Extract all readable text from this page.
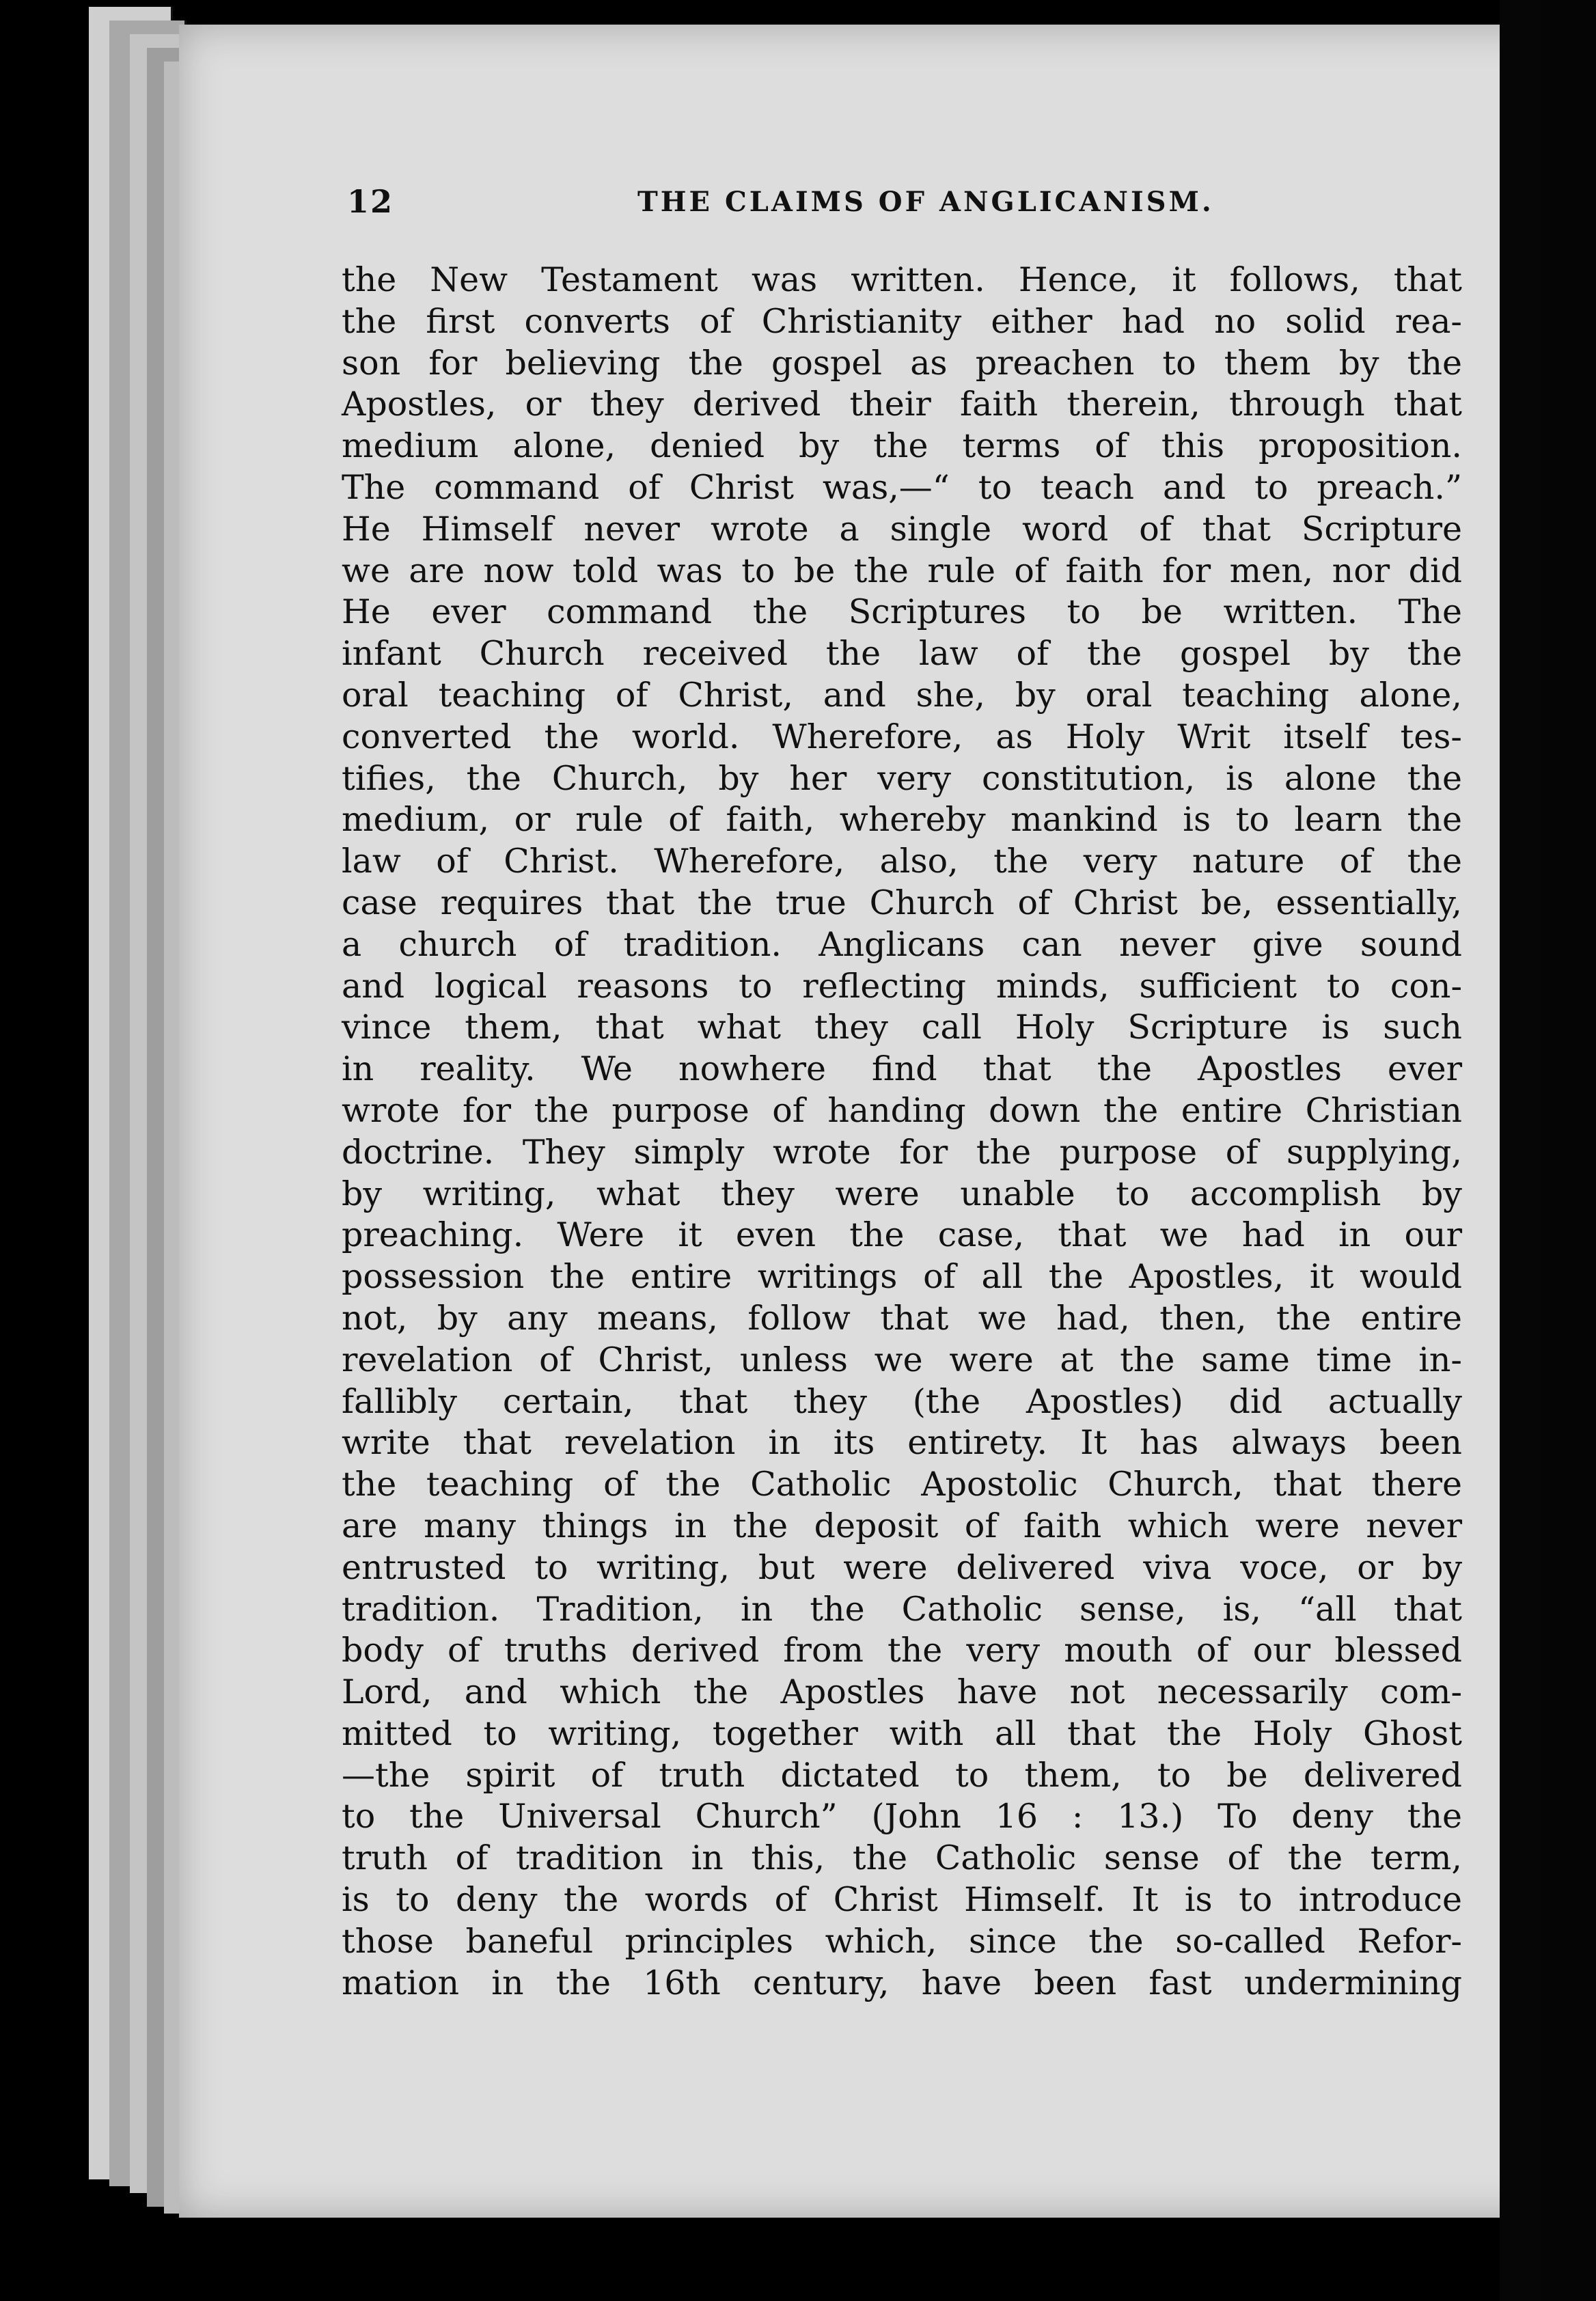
12	THE CLAIMS OF ANGLICANISM.
the New Testament was written. Hence, it follows, that
the first converts of Christianity either had no solid rea-
son for believing the gospel as preachen to them by the
Apostles, or they derived their faith therein, through that
medium alone, denied by the terms of this proposition.
The command of Christ was,—“ to teach and to preach.”
He Himself never wrote a single word of that Scripture
we are now told was to be the rule of faith for men, nor did
He ever command the Scriptures to be written. The
infant Church received the law of the gospel by the
oral teaching of Christ, and she, by oral teaching alone,
converted the world. Wherefore, as Holy Writ itself tes-
tifies, the Church, by her very constitution, is alone the
medium, or rule of faith, whereby mankind is to learn the
law of Christ. Wherefore, also, the very nature of the
case requires that the true Church of Christ be, essentially,
a church of tradition. Anglicans can never give sound
and logical reasons to reflecting minds, sufficient to con-
vince them, that what they call Holy Scripture is such
in reality. We nowhere find that the Apostles ever
wrote for the purpose of handing down the entire Christian
doctrine. They simply wrote for the purpose of supplying,
by writing, what they were unable to accomplish by
preaching. Were it even the case, that we had in our
possession the entire writings of all the Apostles, it would
not, by any means, follow that we had, then, the entire
revelation of Christ, unless we were at the same time in-
fallibly certain, that they (the Apostles) did actually
write that revelation in its entirety. It has always been
the teaching of the Catholic Apostolic Church, that there
are many things in the deposit of faith which were never
entrusted to writing, but were delivered viva voce, or by
tradition. Tradition, in the Catholic sense, is, “all that
body of truths derived from the very mouth of our blessed
Lord, and which the Apostles have not necessarily com-
mitted to writing, together with all that the Holy Ghost
—the spirit of truth dictated to them, to be delivered
to the Universal Church” (John 16 : 13.) To deny the
truth of tradition in this, the Catholic sense of the term,
is to deny the words of Christ Himself. It is to introduce
those baneful principles which, since the so-called Refor-
mation in the 16th century, have been fast undermining
